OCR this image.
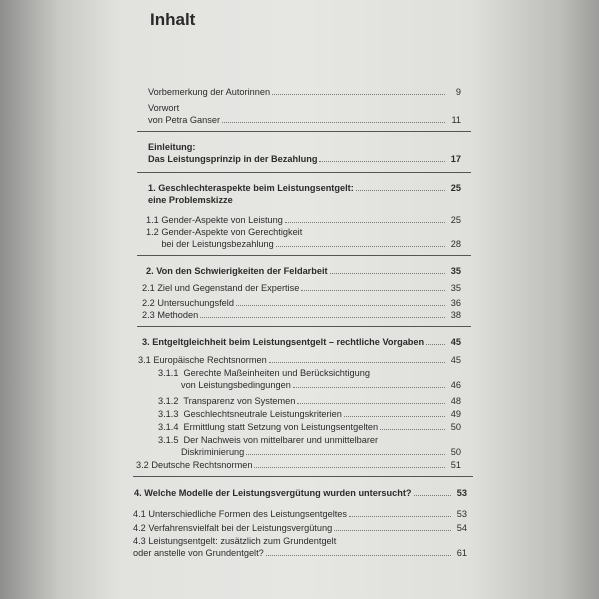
Inhalt
Vorbemerkung der Autorinnen	9
Vorwort
von Petra Ganser	11
Einleitung:
Das Leistungsprinzip in der Bezahlung	17
1. Geschlechteraspekte beim Leistungsentgelt:	25
eine Problemskizze
1.1 Gender-Aspekte von Leistung	25
1.2 Gender-Aspekte von Gerechtigkeit
bei der Leistungsbezahlung	28
2. Von den Schwierigkeiten der Feldarbeit	35
2.1 Ziel und Gegenstand der Expertise	35
2.2 Untersuchungsfeld	36
2.3 Methoden	38
3. Entgeltgleichheit beim Leistungsentgelt – rechtliche Vorgaben	45
3.1 Europäische Rechtsnormen	45
3.1.1  Gerechte Maßeinheiten und Berücksichtigung
von Leistungsbedingungen	46
3.1.2  Transparenz von Systemen	48
3.1.3  Geschlechtsneutrale Leistungskriterien	49
3.1.4  Ermittlung statt Setzung von Leistungsentgelten	50
3.1.5  Der Nachweis von mittelbarer und unmittelbarer
Diskriminierung	50
3.2 Deutsche Rechtsnormen	51
4. Welche Modelle der Leistungsvergütung wurden untersucht?	53
4.1 Unterschiedliche Formen des Leistungsentgeltes	53
4.2 Verfahrensvielfalt bei der Leistungsvergütung	54
4.3 Leistungsentgelt: zusätzlich zum Grundentgelt
oder anstelle von Grundentgelt?	61
